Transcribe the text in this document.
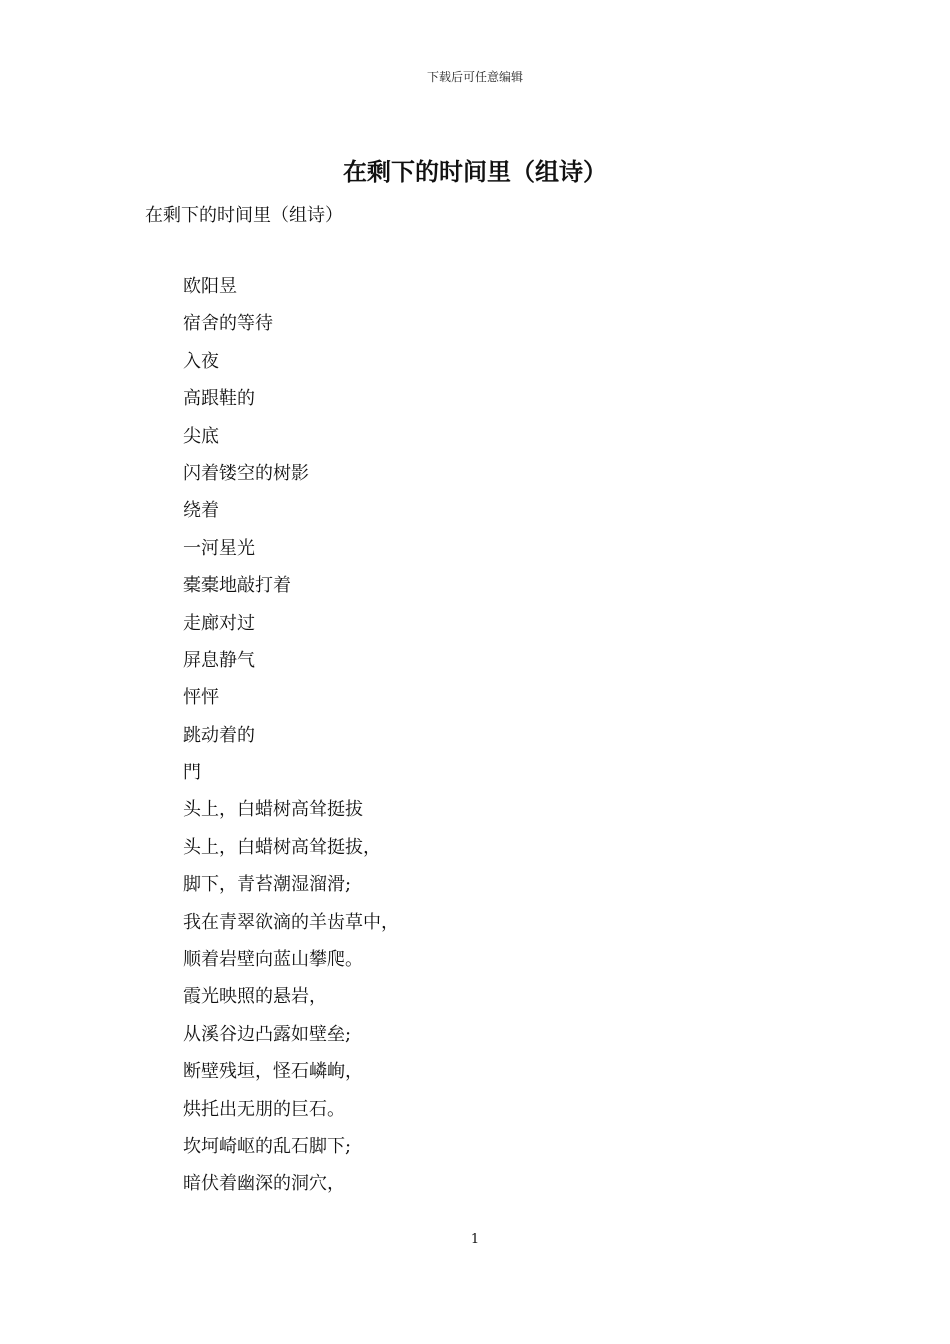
下载后可任意编辑
在剩下的时间里（组诗）
在剩下的时间里（组诗）
欧阳昱
宿舍的等待
入夜
高跟鞋的
尖底
闪着镂空的树影
绕着
一河星光
橐橐地敲打着
走廊对过
屏息静气
怦怦
跳动着的
門
头上，白蜡树高耸挺拔
头上，白蜡树高耸挺拔，
脚下，青苔潮湿溜滑;
我在青翠欲滴的羊齿草中，
顺着岩壁向蓝山攀爬。
霞光映照的悬岩，
从溪谷边凸露如壁垒;
断壁残垣，怪石嶙峋，
烘托出无朋的巨石。
坎坷崎岖的乱石脚下;
暗伏着幽深的洞穴，
1
